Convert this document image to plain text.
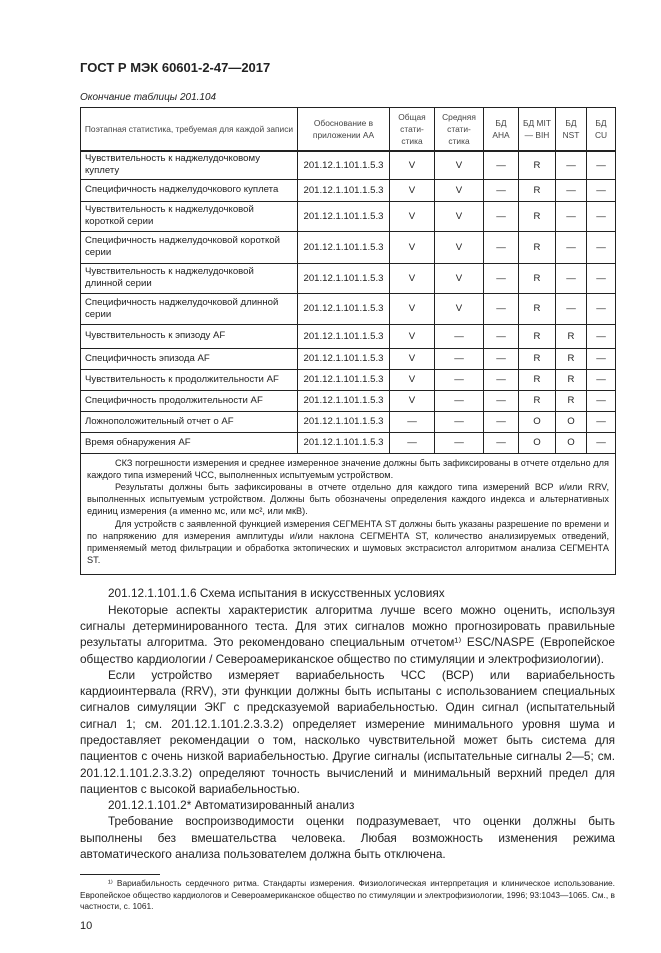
ГОСТ Р МЭК 60601-2-47—2017
Окончание таблицы 201.104
Поэтапная статистика, требуемая для каждой записи	Обоснование в приложении АА	Общая стати-стика	Средняя стати-стика	БД AHA	БД MIT — BIH	БД NST	БД CU
Чувствительность к наджелудочковому куплету	201.12.1.101.1.5.3	V	V	—	R	—	—
Специфичность наджелудочкового куплета	201.12.1.101.1.5.3	V	V	—	R	—	—
Чувствительность к наджелудочковой короткой серии	201.12.1.101.1.5.3	V	V	—	R	—	—
Специфичность наджелудочковой короткой серии	201.12.1.101.1.5.3	V	V	—	R	—	—
Чувствительность к наджелудочковой длинной серии	201.12.1.101.1.5.3	V	V	—	R	—	—
Специфичность наджелудочковой длинной серии	201.12.1.101.1.5.3	V	V	—	R	—	—
Чувствительность к эпизоду AF	201.12.1.101.1.5.3	V	—	—	R	R	—
Специфичность эпизода AF	201.12.1.101.1.5.3	V	—	—	R	R	—
Чувствительность к продолжительности AF	201.12.1.101.1.5.3	V	—	—	R	R	—
Специфичность продолжительности AF	201.12.1.101.1.5.3	V	—	—	R	R	—
Ложноположительный отчет о AF	201.12.1.101.1.5.3	—	—	—	O	O	—
Время обнаружения AF	201.12.1.101.1.5.3	—	—	—	O	O	—

СКЗ погрешности измерения и среднее измеренное значение должны быть зафиксированы в отчете отдельно для каждого типа измерений ЧСС, выполненных испытуемым устройством.

Результаты должны быть зафиксированы в отчете отдельно для каждого типа измерений ВСР и/или RRV, выполненных испытуемым устройством. Должны быть обозначены определения каждого индекса и альтернативных единиц измерения (а именно мс, или мс², или мкВ).

Для устройств с заявленной функцией измерения СЕГМЕНТА ST должны быть указаны разрешение по времени и по напряжению для измерения амплитуды и/или наклона СЕГМЕНТА ST, количество анализируемых отведений, применяемый метод фильтрации и обработка эктопических и шумовых экстрасистол алгоритмом анализа СЕГМЕНТА ST.							

201.12.1.101.1.6 Схема испытания в искусственных условиях

Некоторые аспекты характеристик алгоритма лучше всего можно оценить, используя сигналы детерминированного теста. Для этих сигналов можно прогнозировать правильные результаты алгоритма. Это рекомендовано специальным отчетом¹⁾ ESC/NASPE (Европейское общество кардиологии / Североамериканское общество по стимуляции и электрофизиологии).

Если устройство измеряет вариабельность ЧСС (ВСР) или вариабельность кардиоинтервала (RRV), эти функции должны быть испытаны с использованием специальных сигналов симуляции ЭКГ с предсказуемой вариабельностью. Один сигнал (испытательный сигнал 1; см. 201.12.1.101.2.3.3.2) определяет измерение минимального уровня шума и предоставляет рекомендации о том, насколько чувствительной может быть система для пациентов с очень низкой вариабельностью. Другие сигналы (испытательные сигналы 2—5; см. 201.12.1.101.2.3.3.2) определяют точность вычислений и минимальный верхний предел для пациентов с высокой вариабельностью.

201.12.1.101.2* Автоматизированный анализ

Требование воспроизводимости оценки подразумевает, что оценки должны быть выполнены без вмешательства человека. Любая возможность изменения режима автоматического анализа пользователем должна быть отключена.

¹⁾ Вариабильность сердечного ритма. Стандарты измерения. Физиологическая интерпретация и клиническое использование. Европейское общество кардиологов и Североамериканское общество по стимуляции и электрофизиологии, 1996; 93:1043—1065. См., в частности, с. 1061.

10
